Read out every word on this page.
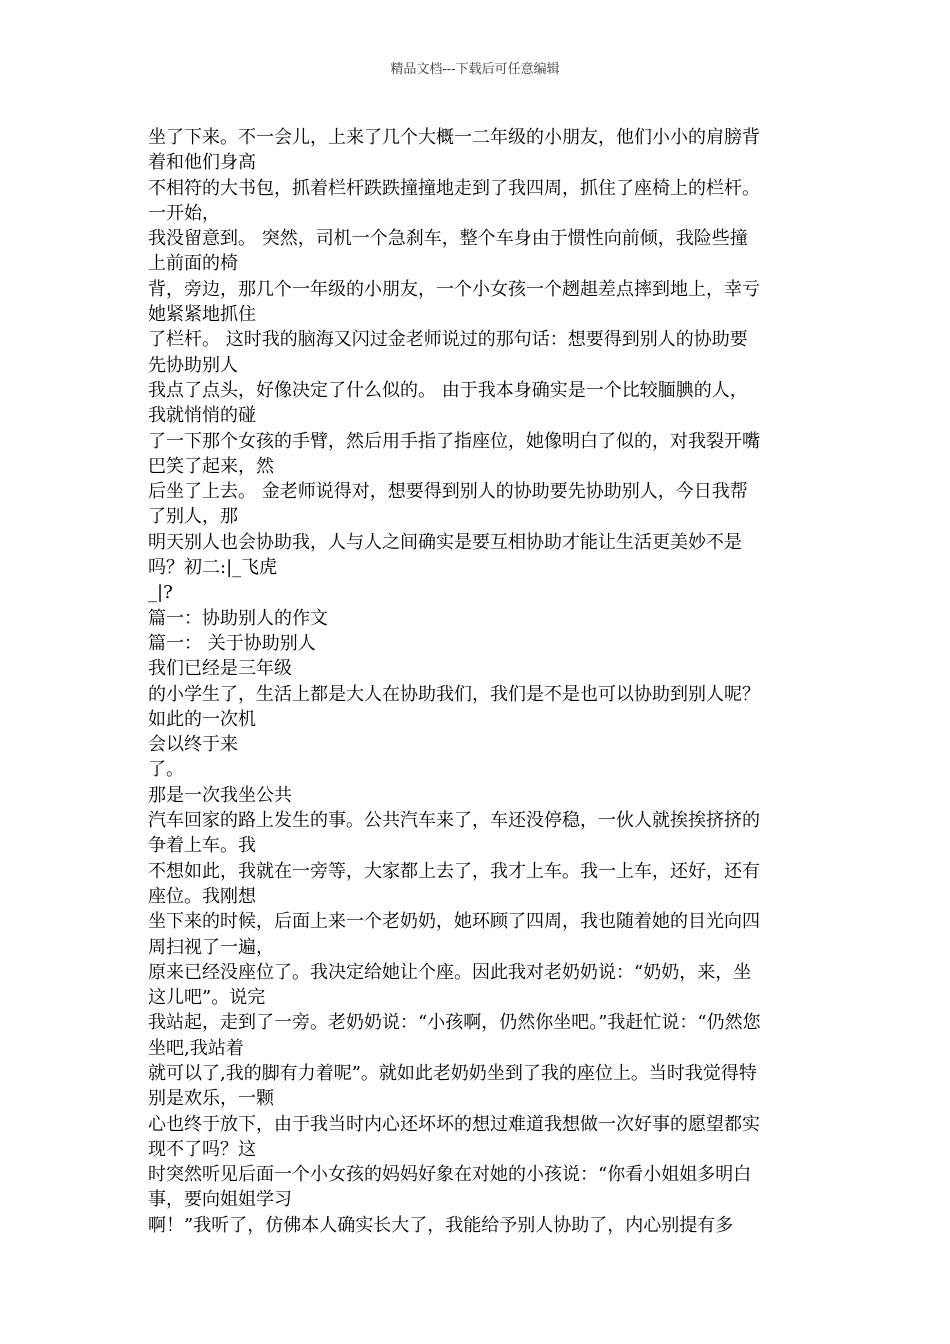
精品文档---下载后可任意编辑

坐了下来。不一会儿，上来了几个大概一二年级的小朋友，他们小小的肩膀背

着和他们身高

不相符的大书包，抓着栏杆跌跌撞撞地走到了我四周，抓住了座椅上的栏杆。

一开始，

我没留意到。 突然，司机一个急刹车，整个车身由于惯性向前倾，我险些撞

上前面的椅

背，旁边，那几个一年级的小朋友，一个小女孩一个趔趄差点摔到地上，幸亏

她紧紧地抓住

了栏杆。 这时我的脑海又闪过金老师说过的那句话：想要得到别人的协助要

先协助别人

我点了点头，好像决定了什么似的。 由于我本身确实是一个比较腼腆的人，

我就悄悄的碰

了一下那个女孩的手臂，然后用手指了指座位，她像明白了似的，对我裂开嘴

巴笑了起来，然

后坐了上去。 金老师说得对，想要得到别人的协助要先协助别人，今日我帮

了别人，那

明天别人也会协助我，人与人之间确实是要互相协助才能让生活更美妙不是

吗？初二:|_飞虎

_|?

篇一：协助别人的作文

篇一： 关于协助别人

我们已经是三年级

的小学生了，生活上都是大人在协助我们，我们是不是也可以协助到别人呢？

如此的一次机

会以终于来

了。

那是一次我坐公共

汽车回家的路上发生的事。公共汽车来了，车还没停稳，一伙人就挨挨挤挤的

争着上车。我

不想如此，我就在一旁等，大家都上去了，我才上车。我一上车，还好，还有

座位。我刚想

坐下来的时候，后面上来一个老奶奶，她环顾了四周，我也随着她的目光向四

周扫视了一遍，

原来已经没座位了。我决定给她让个座。因此我对老奶奶说：“奶奶，来，坐

这儿吧”。说完

我站起，走到了一旁。老奶奶说：“小孩啊，仍然你坐吧。”我赶忙说：“仍然您

坐吧,我站着

就可以了,我的脚有力着呢”。就如此老奶奶坐到了我的座位上。当时我觉得特

别是欢乐，一颗

心也终于放下，由于我当时内心还坏坏的想过难道我想做一次好事的愿望都实

现不了吗？这

时突然听见后面一个小女孩的妈妈好象在对她的小孩说：“你看小姐姐多明白

事，要向姐姐学习

啊！”我听了，仿佛本人确实长大了，我能给予别人协助了，内心别提有多
